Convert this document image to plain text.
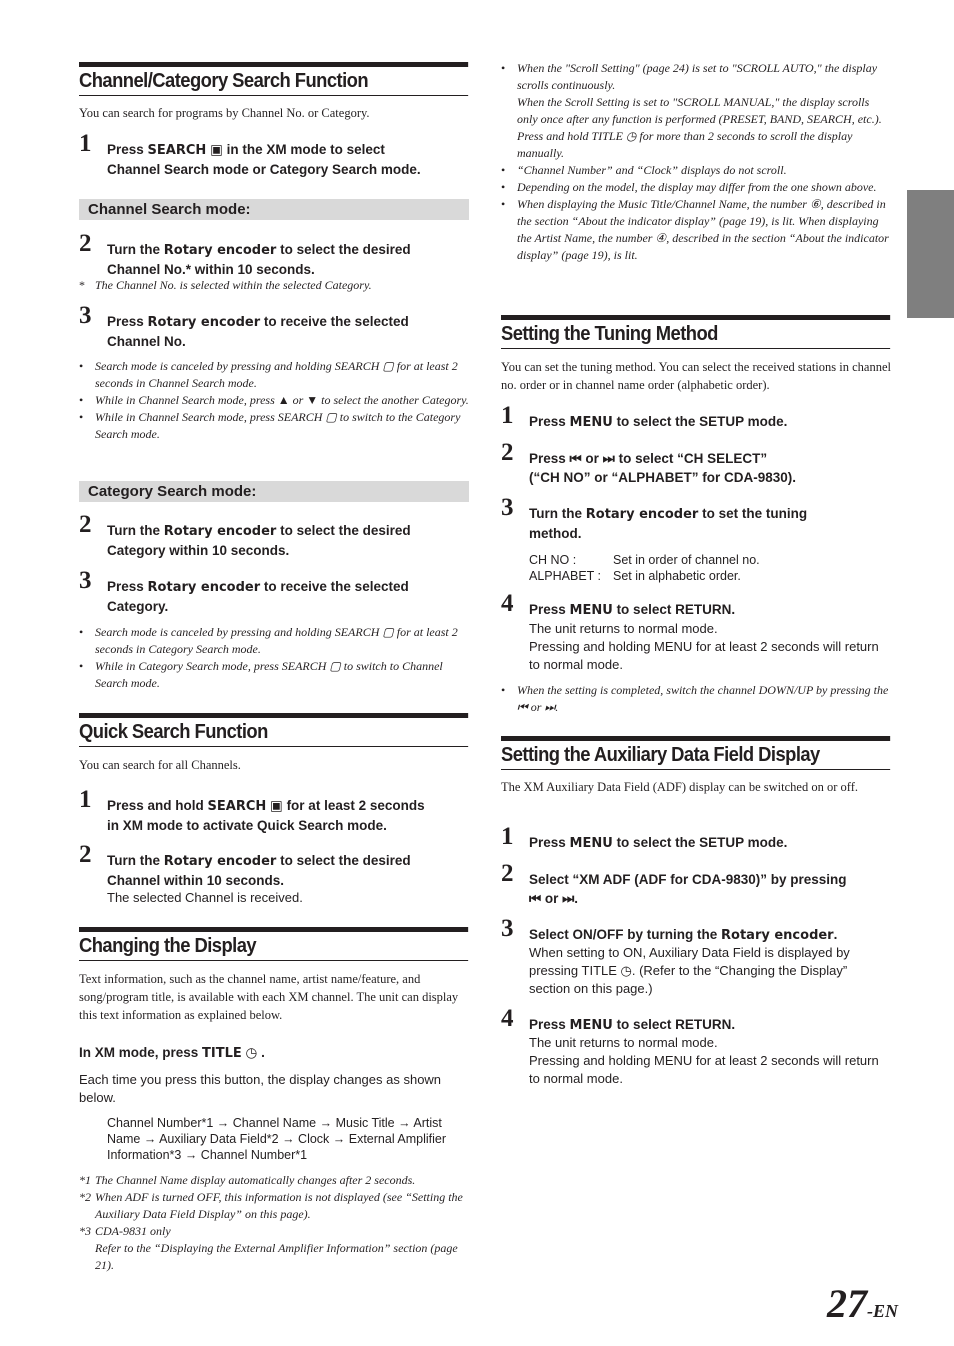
Channel/Category Search Function
You can search for programs by Channel No. or Category.
1 Press SEARCH ▣ in the XM mode to select
Channel Search mode or Category Search mode.
Channel Search mode:
2 Turn the Rotary encoder to select the desired
Channel No.* within 10 seconds.
* The Channel No. is selected within the selected Category.
3 Press Rotary encoder to receive the selected
Channel No.
• Search mode is canceled by pressing and holding SEARCH ▢ for at least 2 seconds in Channel Search mode.
• While in Channel Search mode, press ▲ or ▼ to select the another Category.
• While in Channel Search mode, press SEARCH ▢ to switch to the Category Search mode.
Category Search mode:
2 Turn the Rotary encoder to select the desired
Category within 10 seconds.
3 Press Rotary encoder to receive the selected
Category.
• Search mode is canceled by pressing and holding SEARCH ▢ for at least 2 seconds in Category Search mode.
• While in Category Search mode, press SEARCH ▢ to switch to Channel Search mode.
Quick Search Function
You can search for all Channels.
1 Press and hold SEARCH ▣ for at least 2 seconds
in XM mode to activate Quick Search mode.
2 Turn the Rotary encoder to select the desired
Channel within 10 seconds.
The selected Channel is received.
Changing the Display
Text information, such as the channel name, artist name/feature, and song/program title, is available with each XM channel. The unit can display this text information as explained below.
In XM mode, press TITLE ◷ .
Each time you press this button, the display changes as shown below.
Channel Number*1 → Channel Name → Music Title → Artist
Name → Auxiliary Data Field*2 → Clock → External Amplifier
Information*3 → Channel Number*1
*1 The Channel Name display automatically changes after 2 seconds.
*2 When ADF is turned OFF, this information is not displayed (see “Setting the Auxiliary Data Field Display” on this page).
*3 CDA-9831 only
Refer to the “Displaying the External Amplifier Information” section (page 21).
• When the "Scroll Setting" (page 24) is set to "SCROLL AUTO," the display scrolls continuously.
When the Scroll Setting is set to "SCROLL MANUAL," the display scrolls only once after any function is performed (PRESET, BAND, SEARCH, etc.).
Press and hold TITLE ◷ for more than 2 seconds to scroll the display manually.
• “Channel Number” and “Clock” displays do not scroll.
• Depending on the model, the display may differ from the one shown above.
• When displaying the Music Title/Channel Name, the number ⑥, described in the section “About the indicator display” (page 19), is lit. When displaying the Artist Name, the number ④, described in the section “About the indicator display” (page 19), is lit.
Setting the Tuning Method
You can set the tuning method. You can select the received stations in channel no. order or in channel name order (alphabetic order).
1 Press MENU to select the SETUP mode.
2 Press ⏮ or ⏭ to select “CH SELECT”
(“CH NO” or “ALPHABET” for CDA-9830).
3 Turn the Rotary encoder to set the tuning
method.
CH NO :	Set in order of channel no.
ALPHABET : Set in alphabetic order.
4 Press MENU to select RETURN.
The unit returns to normal mode.
Pressing and holding MENU for at least 2 seconds will return to normal mode.
• When the setting is completed, switch the channel DOWN/UP by pressing the ⏮ or ⏭.
Setting the Auxiliary Data Field Display
The XM Auxiliary Data Field (ADF) display can be switched on or off.
1 Press MENU to select the SETUP mode.
2 Select “XM ADF (ADF for CDA-9830)” by pressing
⏮ or ⏭.
3 Select ON/OFF by turning the Rotary encoder.
When setting to ON, Auxiliary Data Field is displayed by pressing TITLE ◷. (Refer to the “Changing the Display” section on this page.)
4 Press MENU to select RETURN.
The unit returns to normal mode.
Pressing and holding MENU for at least 2 seconds will return to normal mode.
27-EN
